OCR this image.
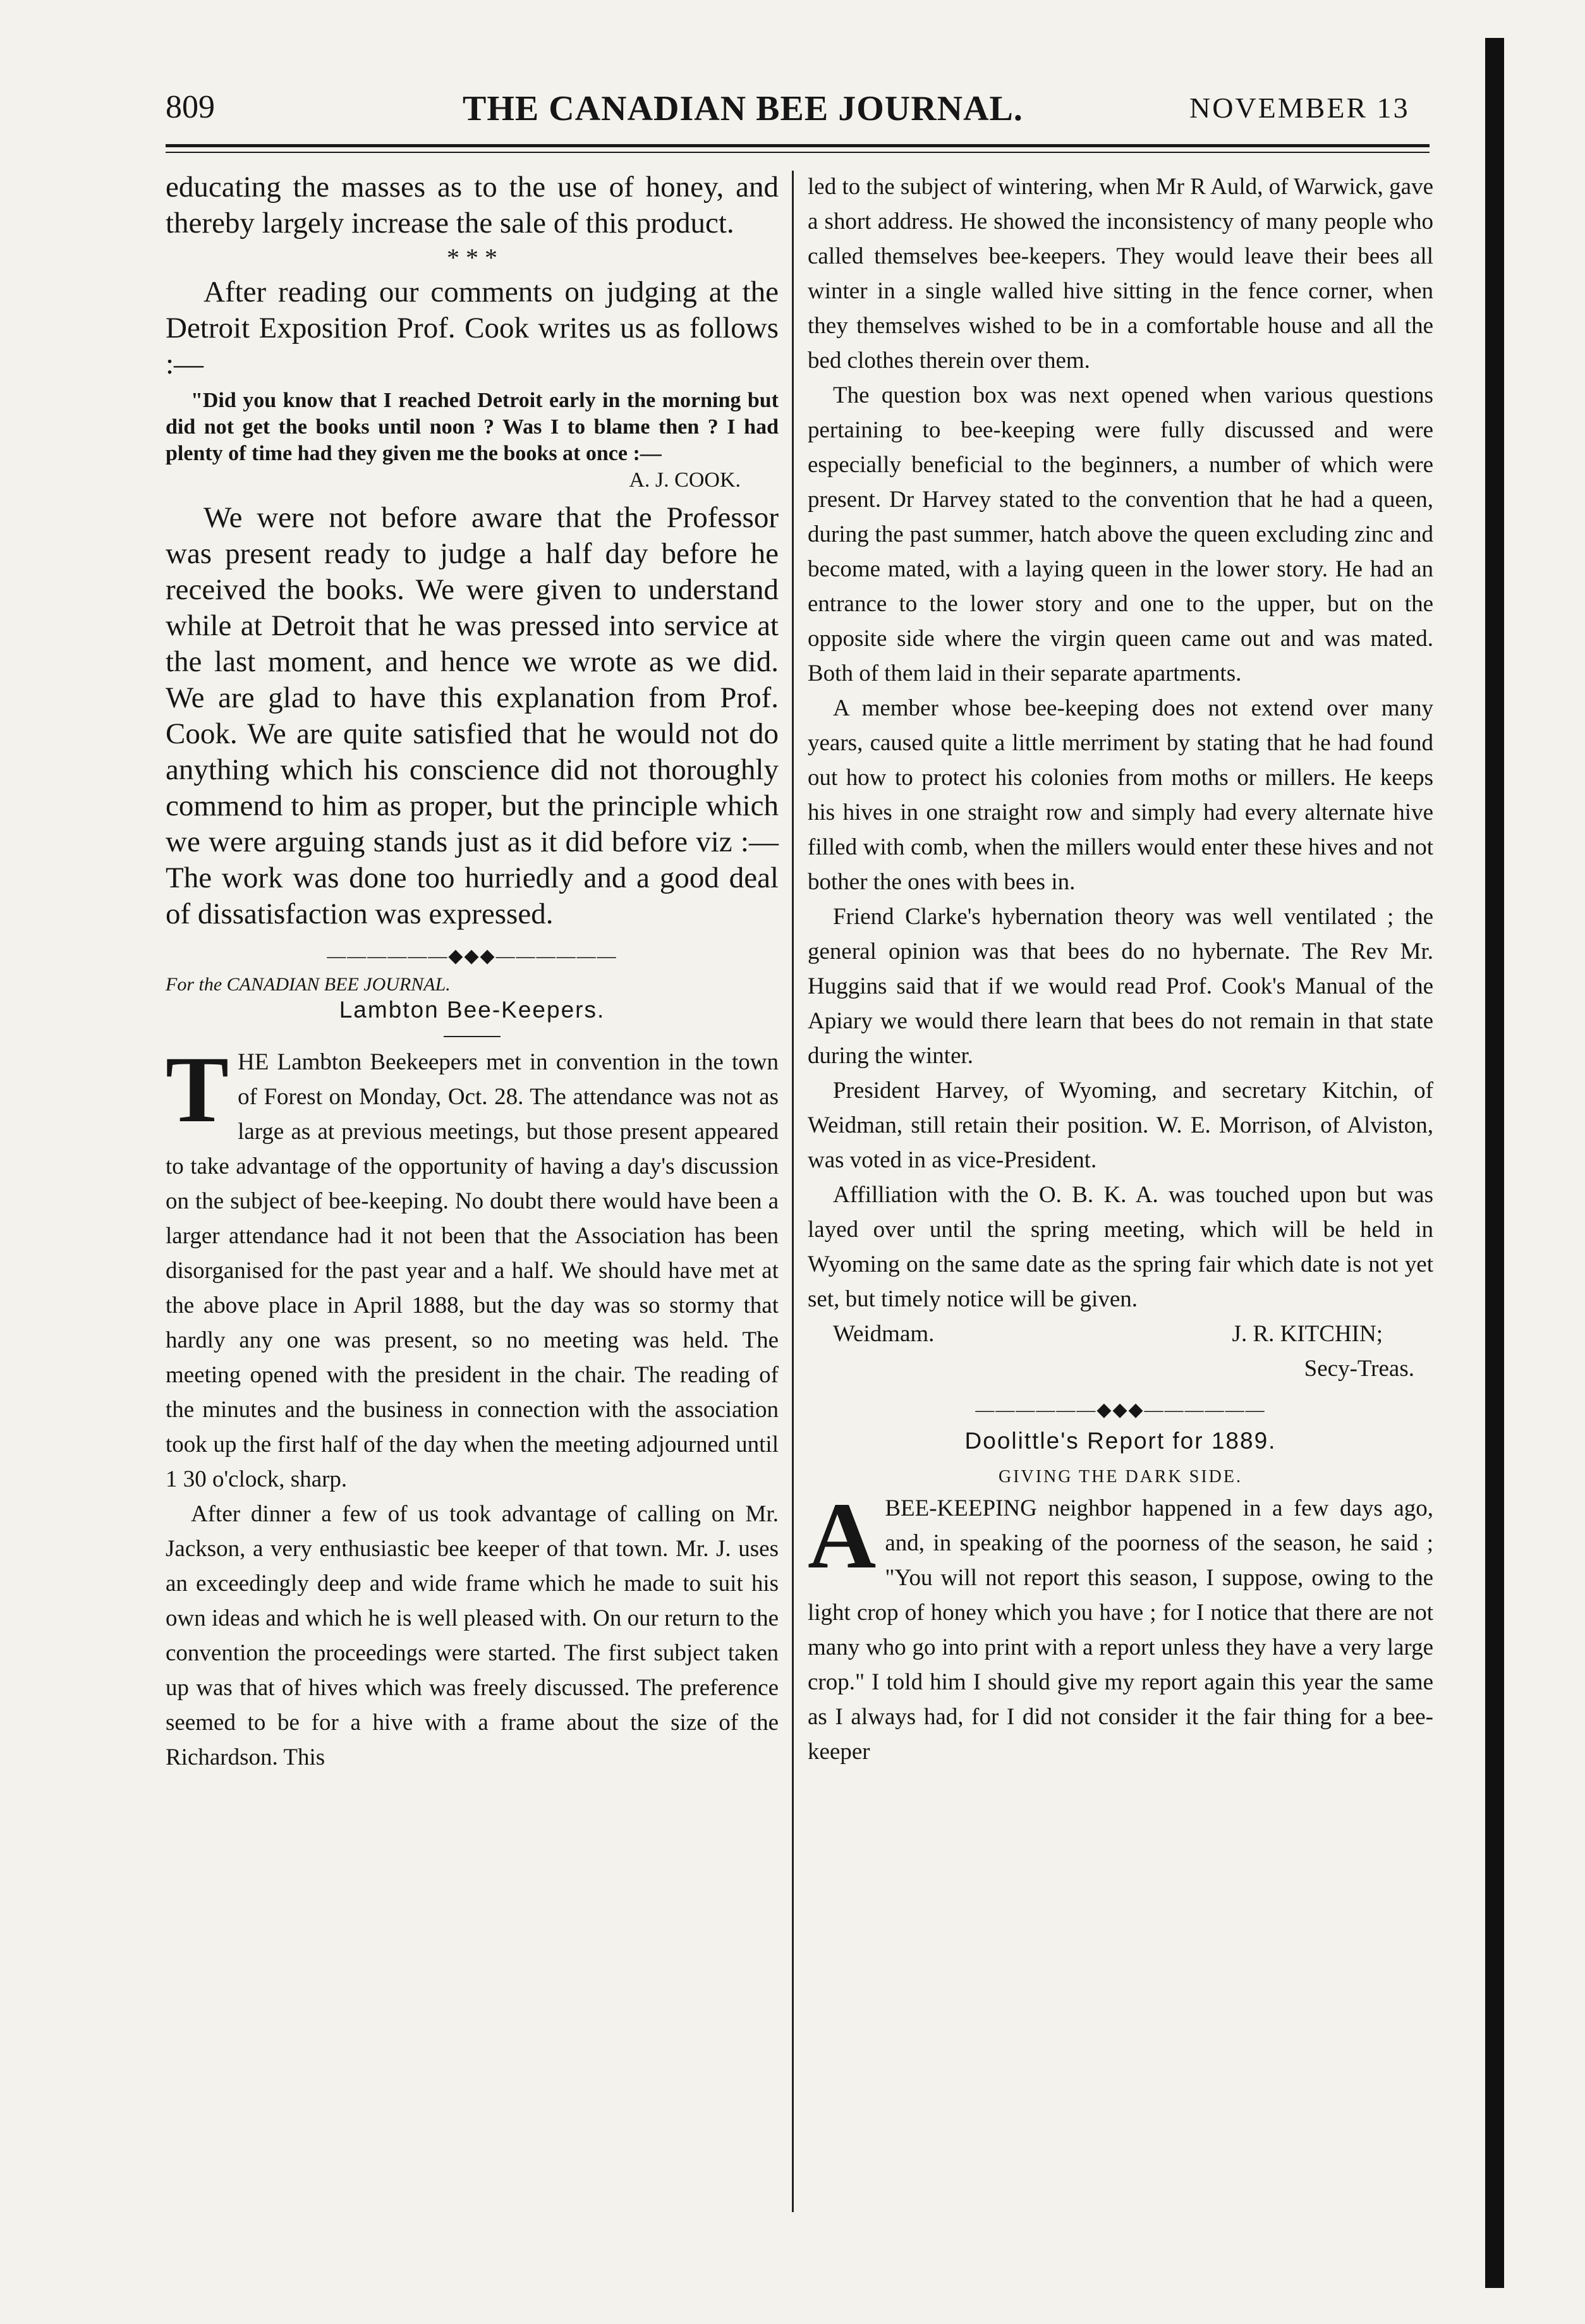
809	THE CANADIAN BEE JOURNAL.	NOVEMBER 13

educating the masses as to the use of honey, and thereby largely increase the sale of this product.

* * *

After reading our comments on judging at the Detroit Exposition Prof. Cook writes us as follows :—

"Did you know that I reached Detroit early in the morning but did not get the books until noon ? Was I to blame then ? I had plenty of time had they given me the books at once :—

A. J. COOK.

We were not before aware that the Professor was present ready to judge a half day before he received the books. We were given to understand while at Detroit that he was pressed into service at the last moment, and hence we wrote as we did. We are glad to have this explanation from Prof. Cook. We are quite satisfied that he would not do anything which his conscience did not thoroughly commend to him as proper, but the principle which we were arguing stands just as it did before viz :—The work was done too hurriedly and a good deal of dissatisfaction was expressed.

——————◆◆◆——————

For the CANADIAN BEE JOURNAL.

Lambton Bee-Keepers.

THE Lambton Beekeepers met in convention in the town of Forest on Monday, Oct. 28. The attendance was not as large as at previous meetings, but those present appeared to take advantage of the opportunity of having a day's discussion on the subject of bee-keeping. No doubt there would have been a larger attendance had it not been that the Association has been disorganised for the past year and a half. We should have met at the above place in April 1888, but the day was so stormy that hardly any one was present, so no meeting was held. The meeting opened with the president in the chair. The reading of the minutes and the business in connection with the association took up the first half of the day when the meeting adjourned until 1 30 o'clock, sharp.

After dinner a few of us took advantage of calling on Mr. Jackson, a very enthusiastic bee keeper of that town. Mr. J. uses an exceedingly deep and wide frame which he made to suit his own ideas and which he is well pleased with. On our return to the convention the proceedings were started. The first subject taken up was that of hives which was freely discussed. The preference seemed to be for a hive with a frame about the size of the Richardson. This

led to the subject of wintering, when Mr R Auld, of Warwick, gave a short address. He showed the inconsistency of many people who called themselves bee-keepers. They would leave their bees all winter in a single walled hive sitting in the fence corner, when they themselves wished to be in a comfortable house and all the bed clothes therein over them.

The question box was next opened when various questions pertaining to bee-keeping were fully discussed and were especially beneficial to the beginners, a number of which were present. Dr Harvey stated to the convention that he had a queen, during the past summer, hatch above the queen excluding zinc and become mated, with a laying queen in the lower story. He had an entrance to the lower story and one to the upper, but on the opposite side where the virgin queen came out and was mated. Both of them laid in their separate apartments.

A member whose bee-keeping does not extend over many years, caused quite a little merriment by stating that he had found out how to protect his colonies from moths or millers. He keeps his hives in one straight row and simply had every alternate hive filled with comb, when the millers would enter these hives and not bother the ones with bees in.

Friend Clarke's hybernation theory was well ventilated ; the general opinion was that bees do no hybernate. The Rev Mr. Huggins said that if we would read Prof. Cook's Manual of the Apiary we would there learn that bees do not remain in that state during the winter.

President Harvey, of Wyoming, and secretary Kitchin, of Weidman, still retain their position. W. E. Morrison, of Alviston, was voted in as vice-President.

Affilliation with the O. B. K. A. was touched upon but was layed over until the spring meeting, which will be held in Wyoming on the same date as the spring fair which date is not yet set, but timely notice will be given.

Weidmam.	J. R. KITCHIN;

Secy-Treas.

——————◆◆◆——————
Doolittle's Report for 1889.
GIVING THE DARK SIDE.

ABEE-KEEPING neighbor happened in a few days ago, and, in speaking of the poorness of the season, he said ; "You will not report this season, I suppose, owing to the light crop of honey which you have ; for I notice that there are not many who go into print with a report unless they have a very large crop." I told him I should give my report again this year the same as I always had, for I did not consider it the fair thing for a bee-keeper
